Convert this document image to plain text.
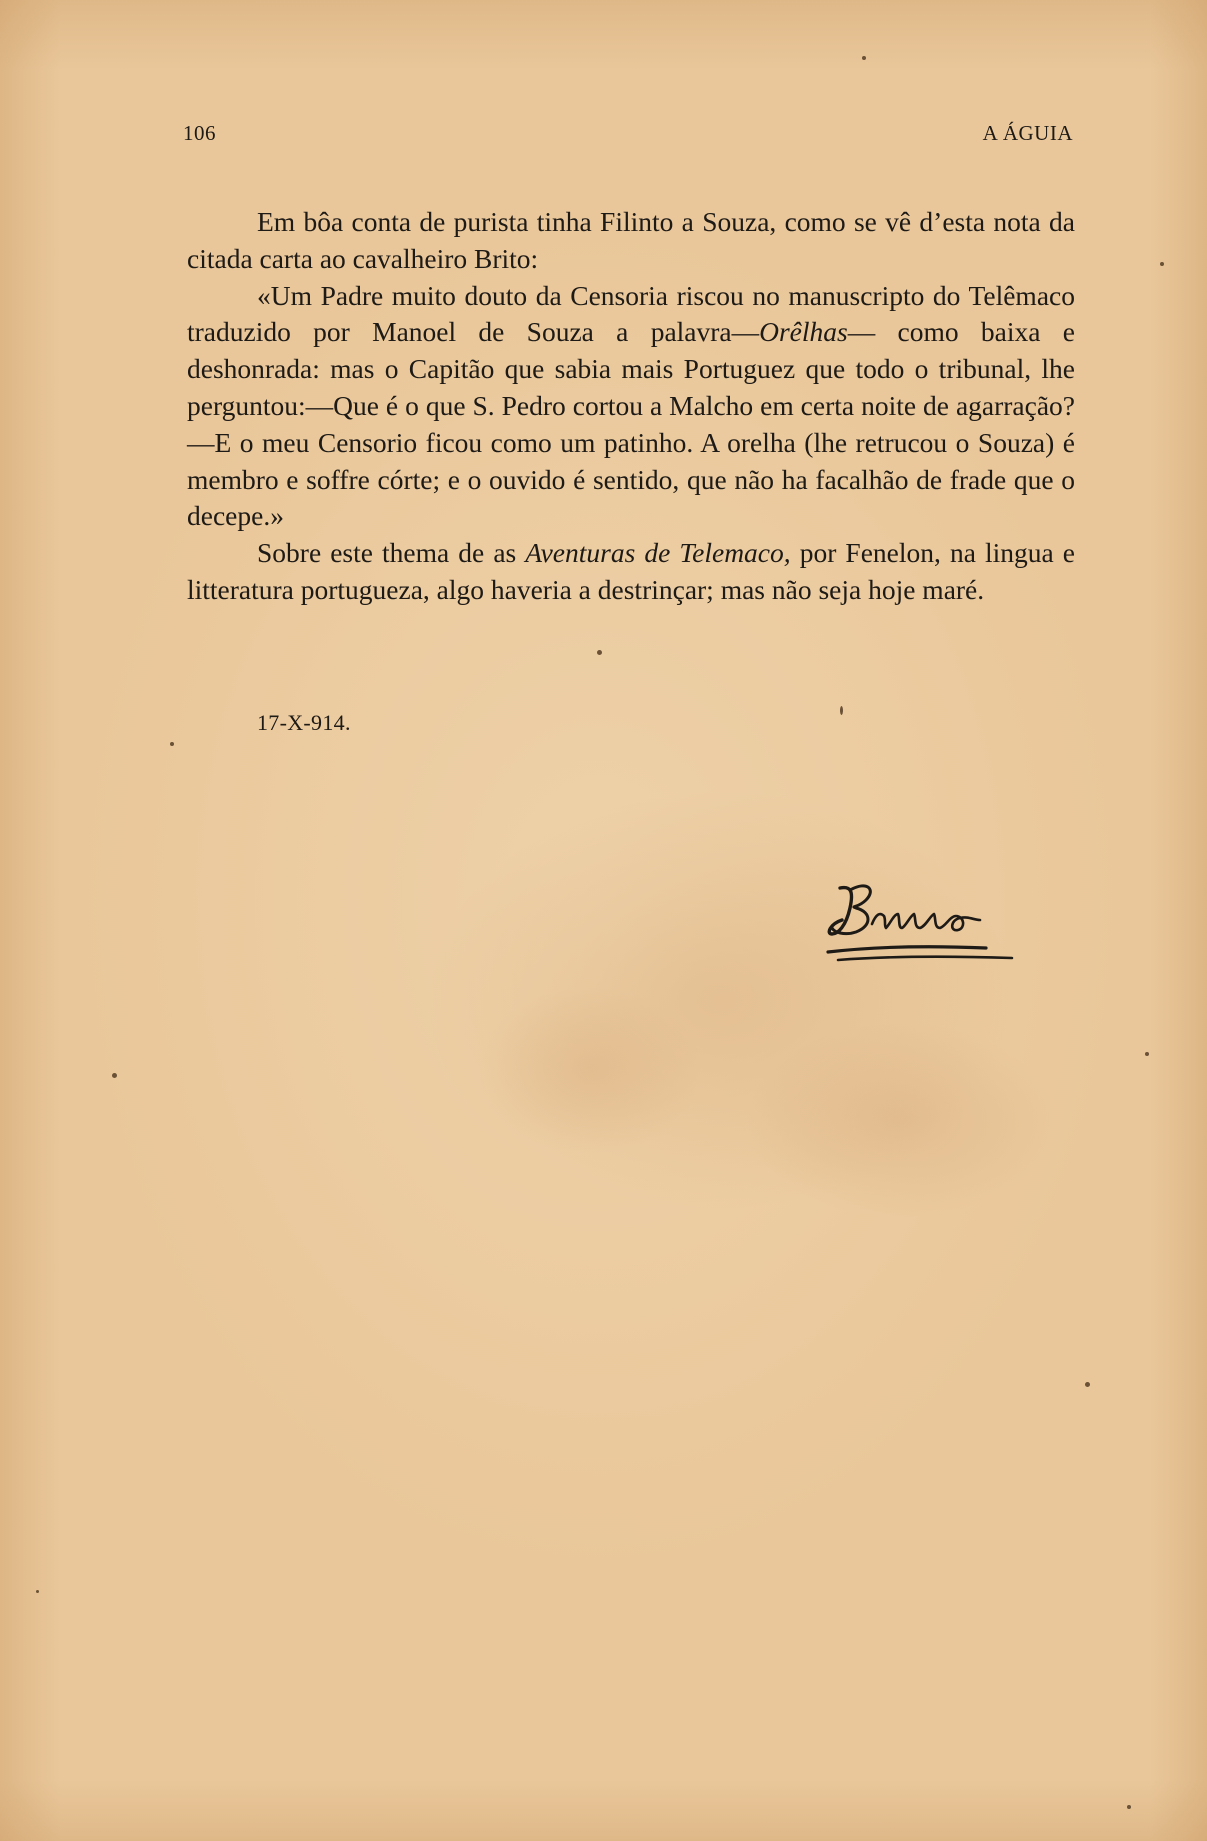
106	A ÁGUIA

Em bôa conta de purista tinha Filinto a Souza, como se vê d’esta nota da citada carta ao cavalheiro Brito:

«Um Padre muito douto da Censoria riscou no manuscripto do Telêmaco traduzido por Manoel de Souza a palavra—Orêlhas— como baixa e deshonrada: mas o Capitão que sabia mais Portuguez que todo o tribunal, lhe perguntou:—Que é o que S. Pedro cortou a Malcho em certa noite de agarração?—E o meu Censorio ficou como um patinho. A orelha (lhe retrucou o Souza) é membro e soffre córte; e o ouvido é sentido, que não ha facalhão de frade que o decepe.»

Sobre este thema de as Aventuras de Telemaco, por Fenelon, na lingua e litteratura portugueza, algo haveria a destrinçar; mas não seja hoje maré.

17-X-914.
